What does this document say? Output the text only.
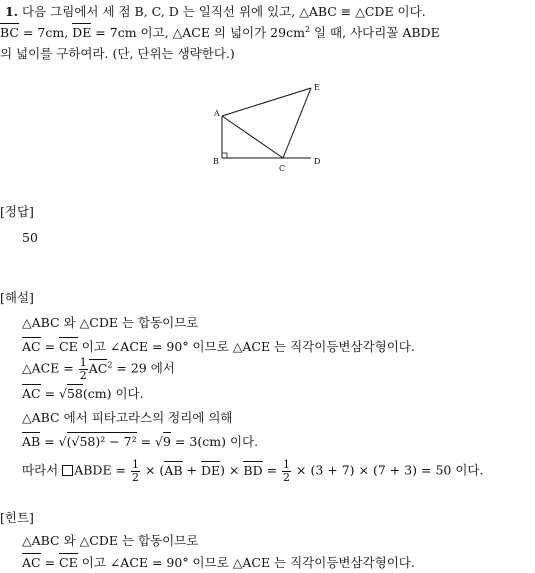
1. 다음 그림에서 세 점 B, C, D 는 일직선 위에 있고, △ABC ≡ △CDE 이다.
BC = 7cm, DE = 7cm 이고, △ACE 의 넓이가 $29cm^2$ 일 때, 사다리꼴 ABDE
의 넓이를 구하여라. (단, 단위는 생략한다.)
A
B
C
D
E
[정답]
50
[해설]
△ABC 와 △CDE 는 합동이므로
AC = CE 이고 ∠ACE = 90° 이므로 △ACE 는 직각이등변삼각형이다.
△ACE = $\frac{1}{2} AC^2 = 29$ 에서
AC = √58(cm) 이다.
△ABC 에서 피타고라스의 정리에 의해
AB = √(√58)² − 7² = √9 = 3(cm) 이다.
따라서 ABDE = $\frac{1}{2} \times (AB + DE)$ × BD = $\frac{1}{2} \times (3 + 7) \times (7 + 3) = 50$ 이다.
[힌트]
△ABC 와 △CDE 는 합동이므로
AC = CE 이고 ∠ACE = 90° 이므로 △ACE 는 직각이등변삼각형이다.
